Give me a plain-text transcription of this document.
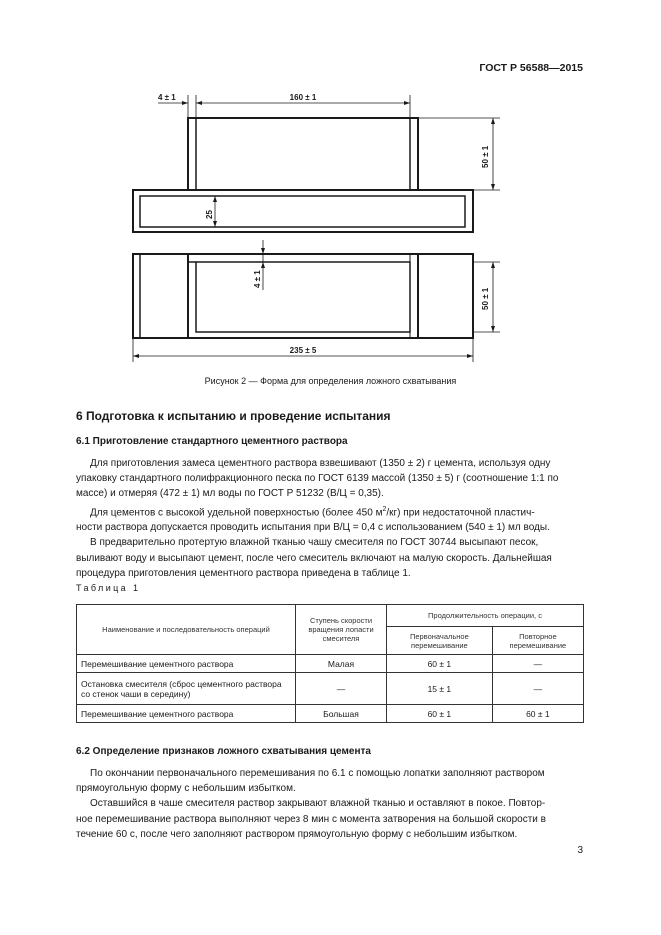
ГОСТ Р 56588—2015
4 ± 1	160 ± 1
50 ± 1
25
4 ± 1
50 ± 1
235 ± 5
Рисунок 2 — Форма для определения ложного схватывания
6 Подготовка к испытанию и проведение испытания
6.1 Приготовление стандартного цементного раствора

Для приготовления замеса цементного раствора взвешивают (1350 ± 2) г цемента, используя одну

упаковку стандартного полифракционного песка по ГОСТ 6139 массой (1350 ± 5) г (соотношение 1:1 по

массе) и отмеряя (472 ± 1) мл воды по ГОСТ Р 51232 (В/Ц = 0,35).

Для цементов с высокой удельной поверхностью (более 450 $м^2/кг$) при недостаточной пластич-

ности раствора допускается проводить испытания при В/Ц = 0,4 с использованием (540 ± 1) мл воды.

В предварительно протертую влажной тканью чашу смесителя по ГОСТ 30744 высыпают песок,

выливают воду и высыпают цемент, после чего смеситель включают на малую скорость. Дальнейшая

процедура приготовления цементного раствора приведена в таблице 1.

Таблица 1
Наименование и последовательность операций	Ступень скорости вращения лопасти смесителя	Продолжительность операции, с	
		Первоначальное перемешивание	Повторное перемешивание
Перемешивание цементного раствора	Малая	60 ± 1	—
Остановка смесителя (сброс цементного раствора со стенок чаши в середину)	—	15 ± 1	—
Перемешивание цементного раствора	Большая	60 ± 1	60 ± 1
6.2 Определение признаков ложного схватывания цемента

По окончании первоначального перемешивания по 6.1 с помощью лопатки заполняют раствором

прямоугольную форму с небольшим избытком.

Оставшийся в чаше смесителя раствор закрывают влажной тканью и оставляют в покое. Повтор-

ное перемешивание раствора выполняют через 8 мин с момента затворения на большой скорости в

течение 60 с, после чего заполняют раствором прямоугольную форму с небольшим избытком.

3
